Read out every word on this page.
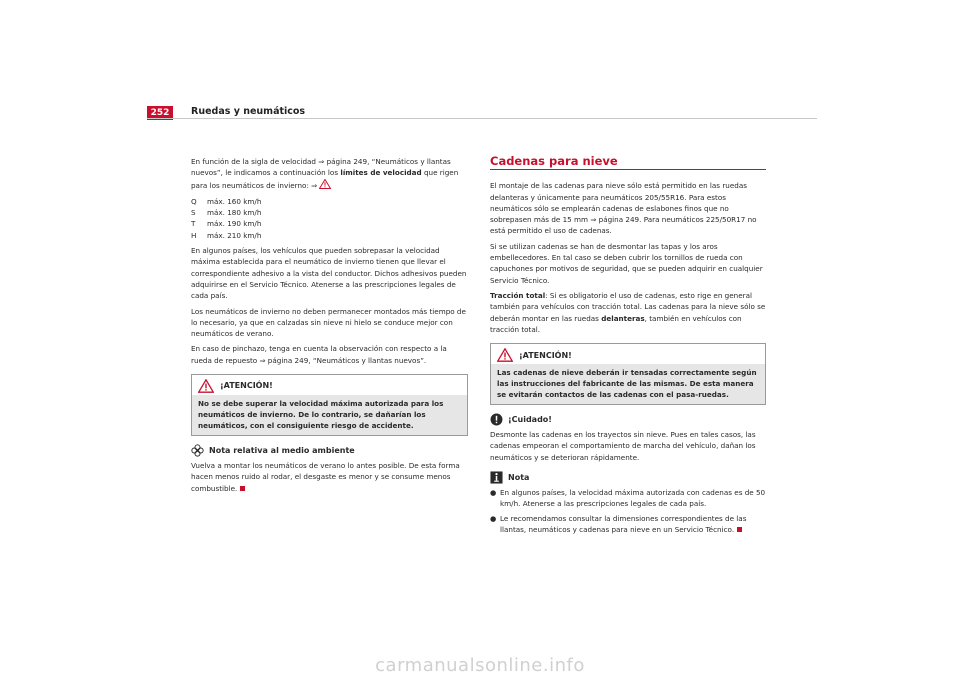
252	Ruedas y neumáticos

En función de la sigla de velocidad ⇒ página 249, “Neumáticos y llantas nuevos”, le indicamos a continuación los límites de velocidad que rigen para los neumáticos de invierno: ⇒

Q	máx. 160 km/h
S	máx. 180 km/h
T	máx. 190 km/h
H	máx. 210 km/h

En algunos países, los vehículos que pueden sobrepasar la velocidad máxima establecida para el neumático de invierno tienen que llevar el correspondiente adhesivo a la vista del conductor. Dichos adhesivos pueden adquirirse en el Servicio Técnico. Atenerse a las prescripciones legales de cada país.

Los neumáticos de invierno no deben permanecer montados más tiempo de lo necesario, ya que en calzadas sin nieve ni hielo se conduce mejor con neumáticos de verano.

En caso de pinchazo, tenga en cuenta la observación con respecto a la rueda de repuesto ⇒ página 249, “Neumáticos y llantas nuevos”.

¡ATENCIÓN!
No se debe superar la velocidad máxima autorizada para los neumáticos de invierno. De lo contrario, se dañarían los neumáticos, con el consiguiente riesgo de accidente.
Nota relativa al medio ambiente

Vuelva a montar los neumáticos de verano lo antes posible. De esta forma hacen menos ruido al rodar, el desgaste es menor y se consume menos combustible.

Cadenas para nieve

El montaje de las cadenas para nieve sólo está permitido en las ruedas delanteras y únicamente para neumáticos 205/55R16. Para estos neumáticos sólo se emplearán cadenas de eslabones finos que no sobrepasen más de 15 mm ⇒ página 249. Para neumáticos 225/50R17 no está permitido el uso de cadenas.

Si se utilizan cadenas se han de desmontar las tapas y los aros embellecedores. En tal caso se deben cubrir los tornillos de rueda con capuchones por motivos de seguridad, que se pueden adquirir en cualquier Servicio Técnico.

Tracción total: Si es obligatorio el uso de cadenas, esto rige en general también para vehículos con tracción total. Las cadenas para la nieve sólo se deberán montar en las ruedas delanteras, también en vehículos con tracción total.

¡ATENCIÓN!
Las cadenas de nieve deberán ir tensadas correctamente según las instrucciones del fabricante de las mismas. De esta manera se evitarán contactos de las cadenas con el pasa-ruedas.
¡Cuidado!

Desmonte las cadenas en los trayectos sin nieve. Pues en tales casos, las cadenas empeoran el comportamiento de marcha del vehículo, dañan los neumáticos y se deterioran rápidamente.

Nota
● En algunos países, la velocidad máxima autorizada con cadenas es de 50 km/h. Atenerse a las prescripciones legales de cada país.
● Le recomendamos consultar la dimensiones correspondientes de las llantas, neumáticos y cadenas para nieve en un Servicio Técnico.
carmanualsonline.info
